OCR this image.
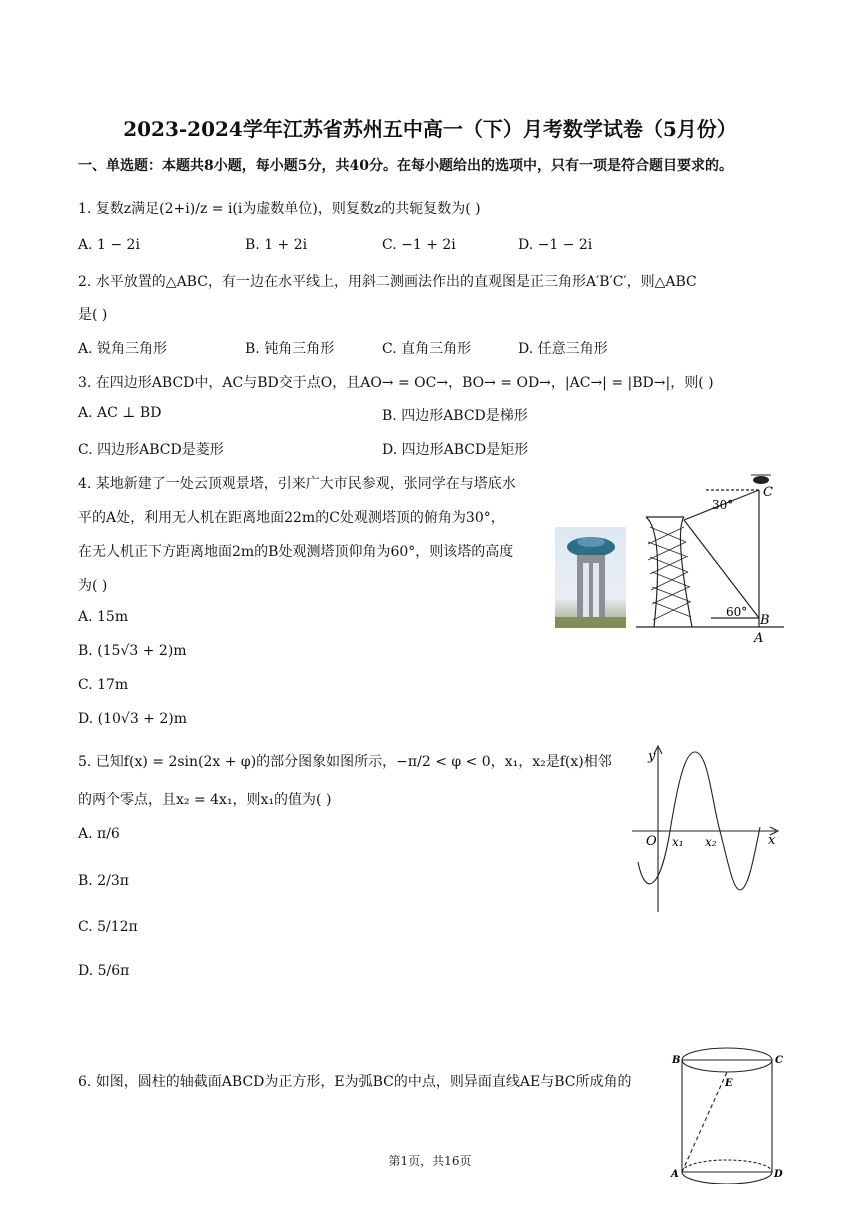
2023-2024学年江苏省苏州五中高一（下）月考数学试卷（5月份）
一、单选题：本题共8小题，每小题5分，共40分。在每小题给出的选项中，只有一项是符合题目要求的。
1. 复数z满足(2+i)/z = i(i为虚数单位)，则复数z的共轭复数为( )
A. 1 − 2i	B. 1 + 2i	C. −1 + 2i	D. −1 − 2i
2. 水平放置的△ABC，有一边在水平线上，用斜二测画法作出的直观图是正三角形A′B′C′，则△ABC
是( )
A. 锐角三角形	B. 钝角三角形	C. 直角三角形	D. 任意三角形
3. 在四边形ABCD中，AC与BD交于点O，且AO→ = OC→，BO→ = OD→，|AC→| = |BD→|，则( )
A. AC ⊥ BD	B. 四边形ABCD是梯形
C. 四边形ABCD是菱形	D. 四边形ABCD是矩形
4. 某地新建了一处云顶观景塔，引来广大市民参观，张同学在与塔底水
平的A处，利用无人机在距离地面22m的C处观测塔顶的俯角为30°，
在无人机正下方距离地面2m的B处观测塔顶仰角为60°，则该塔的高度
为( )
A. 15m
B. (15√3 + 2)m
C. 17m
D. (10√3 + 2)m
C
30°
60°
B
A
5. 已知f(x) = 2sin(2x + φ)的部分图象如图所示，−π/2 < φ < 0，x₁，x₂是f(x)相邻
的两个零点，且x₂ = 4x₁，则x₁的值为( )
A. π/6
B. 2/3π
C. 5/12π
D. 5/6π
y
x
O x₁ x₂
6. 如图，圆柱的轴截面ABCD为正方形，E为弧BC的中点，则异面直线AE与BC所成角的
B	C
E
A	D
第1页，共16页
